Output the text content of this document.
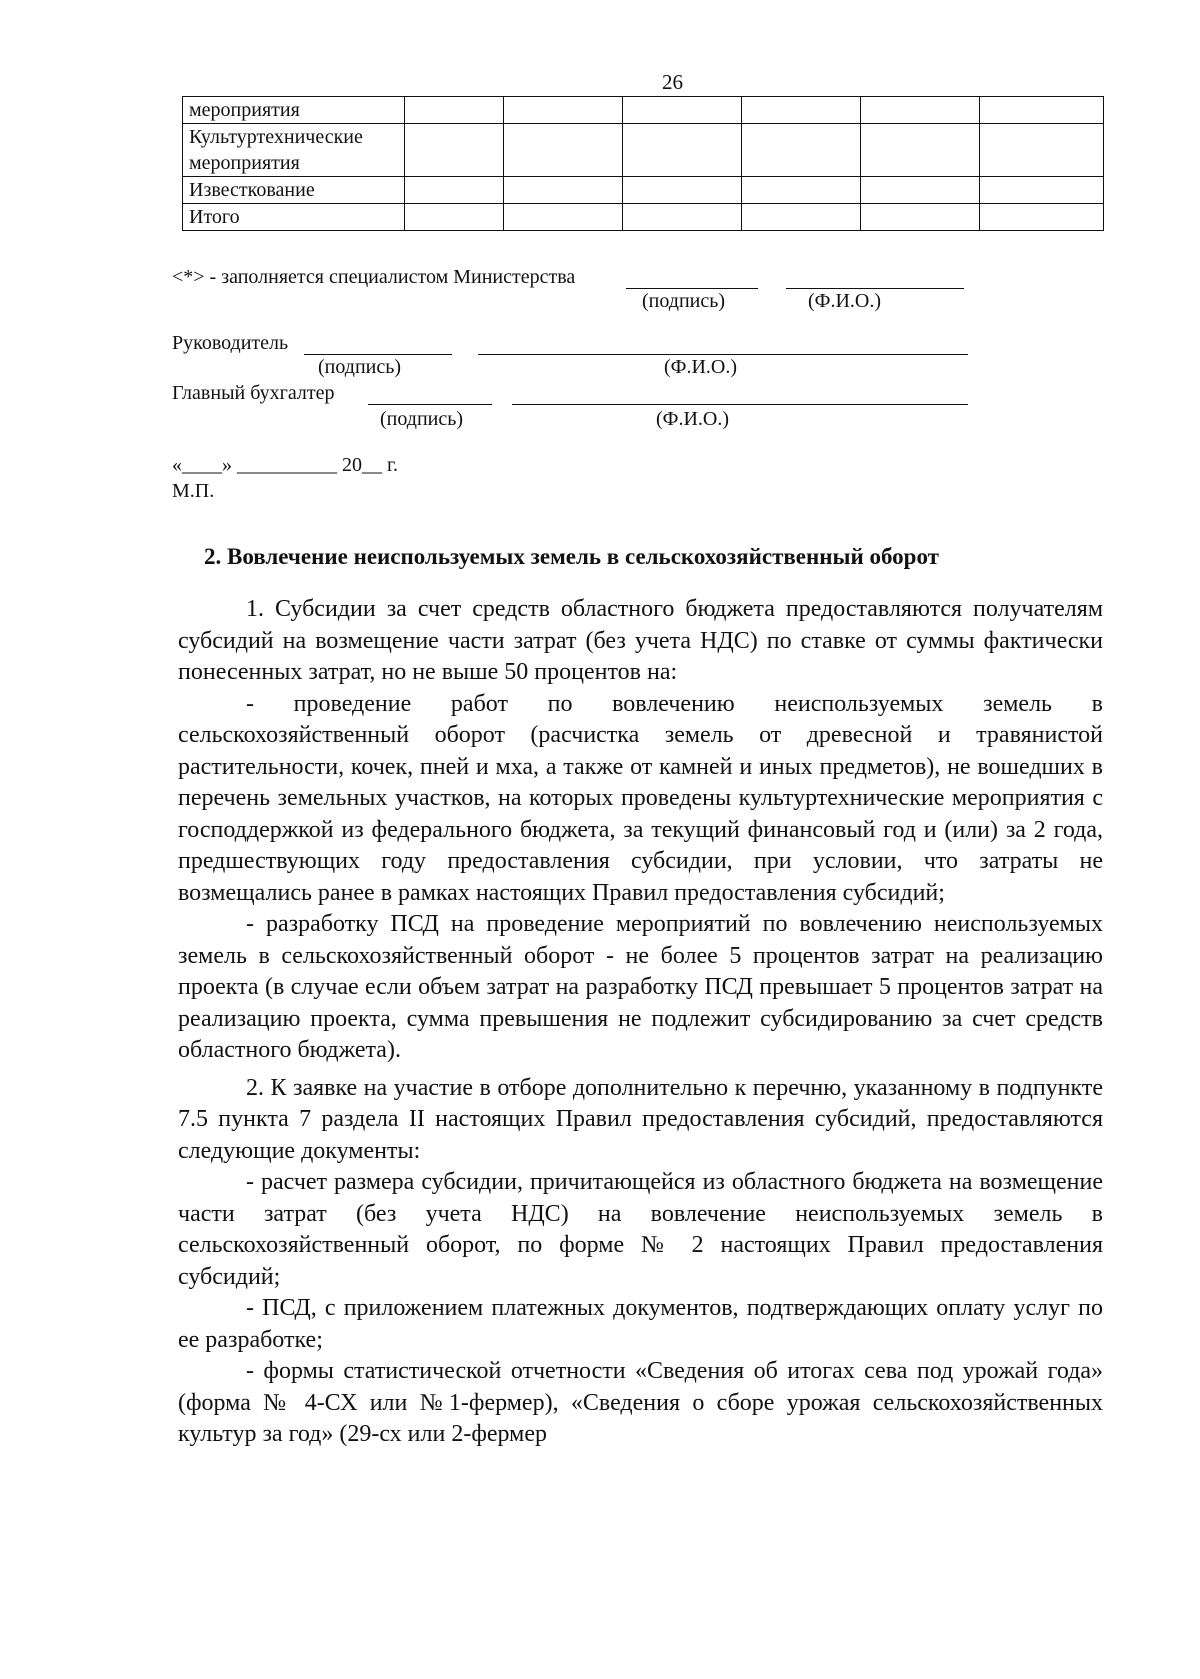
26
мероприятия						
Культуртехнические мероприятия						
Известкование						
Итого						
<*> - заполняется специалистом Министерства
(подпись)	(Ф.И.О.)
Руководитель
(подпись)	(Ф.И.О.)
Главный бухгалтер
(подпись)	(Ф.И.О.)
«____» __________ 20__ г.
М.П.
2. Вовлечение неиспользуемых земель в сельскохозяйственный оборот

1. Субсидии за счет средств областного бюджета предоставляются получателям субсидий на возмещение части затрат (без учета НДС) по ставке от суммы фактически понесенных затрат, но не выше 50 процентов на:

- проведение работ по вовлечению неиспользуемых земель в сельскохозяйственный оборот (расчистка земель от древесной и травянистой растительности, кочек, пней и мха, а также от камней и иных предметов), не вошедших в перечень земельных участков, на которых проведены культуртехнические мероприятия с господдержкой из федерального бюджета, за текущий финансовый год и (или) за 2 года, предшествующих году предоставления субсидии, при условии, что затраты не возмещались ранее в рамках настоящих Правил предоставления субсидий;

- разработку ПСД на проведение мероприятий по вовлечению неиспользуемых земель в сельскохозяйственный оборот - не более 5 процентов затрат на реализацию проекта (в случае если объем затрат на разработку ПСД превышает 5 процентов затрат на реализацию проекта, сумма превышения не подлежит субсидированию за счет средств областного бюджета).

2. К заявке на участие в отборе дополнительно к перечню, указанному в подпункте 7.5 пункта 7 раздела II настоящих Правил предоставления субсидий, предоставляются следующие документы:

- расчет размера субсидии, причитающейся из областного бюджета на возмещение части затрат (без учета НДС) на вовлечение неиспользуемых земель в сельскохозяйственный оборот, по форме № 2 настоящих Правил предоставления субсидий;

- ПСД, с приложением платежных документов, подтверждающих оплату услуг по ее разработке;

- формы статистической отчетности «Сведения об итогах сева под урожай года» (форма № 4-СХ или №1-фермер), «Сведения о сборе урожая сельскохозяйственных культур за год» (29-сх или 2-фермер
